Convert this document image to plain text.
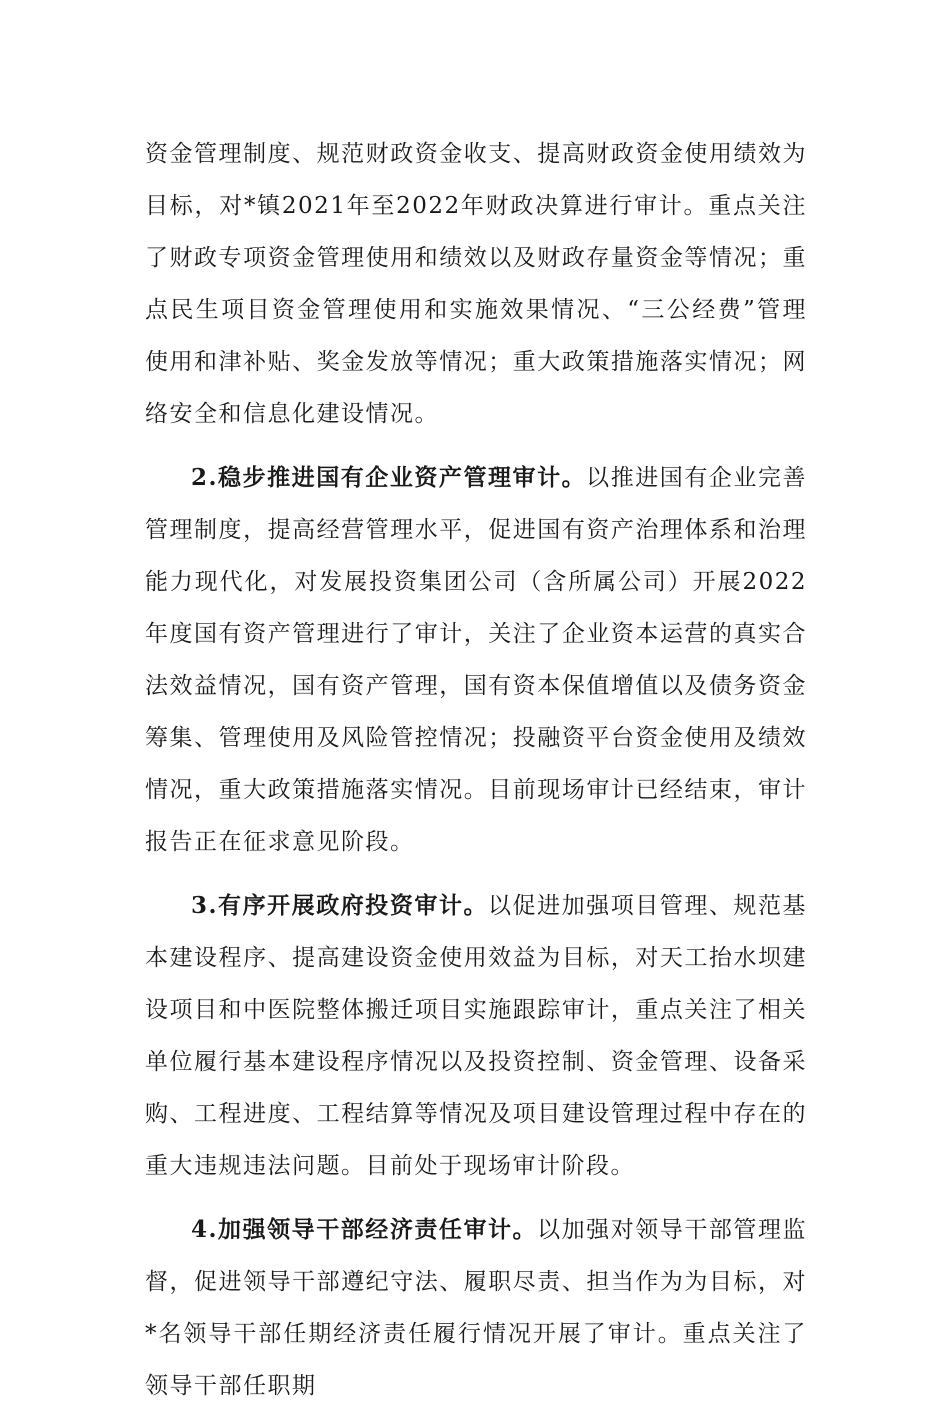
资金管理制度、规范财政资金收支、提高财政资金使用绩效为目标，对*镇2021年至2022年财政决算进行审计。重点关注了财政专项资金管理使用和绩效以及财政存量资金等情况；重点民生项目资金管理使用和实施效果情况、“三公经费”管理使用和津补贴、奖金发放等情况；重大政策措施落实情况；网络安全和信息化建设情况。

2.稳步推进国有企业资产管理审计。以推进国有企业完善管理制度，提高经营管理水平，促进国有资产治理体系和治理能力现代化，对发展投资集团公司（含所属公司）开展2022年度国有资产管理进行了审计，关注了企业资本运营的真实合法效益情况，国有资产管理，国有资本保值增值以及债务资金筹集、管理使用及风险管控情况；投融资平台资金使用及绩效情况，重大政策措施落实情况。目前现场审计已经结束，审计报告正在征求意见阶段。

3.有序开展政府投资审计。以促进加强项目管理、规范基本建设程序、提高建设资金使用效益为目标，对天工抬水坝建设项目和中医院整体搬迁项目实施跟踪审计，重点关注了相关单位履行基本建设程序情况以及投资控制、资金管理、设备采购、工程进度、工程结算等情况及项目建设管理过程中存在的重大违规违法问题。目前处于现场审计阶段。

4.加强领导干部经济责任审计。以加强对领导干部管理监督，促进领导干部遵纪守法、履职尽责、担当作为为目标，对*名领导干部任期经济责任履行情况开展了审计。重点关注了领导干部任职期
